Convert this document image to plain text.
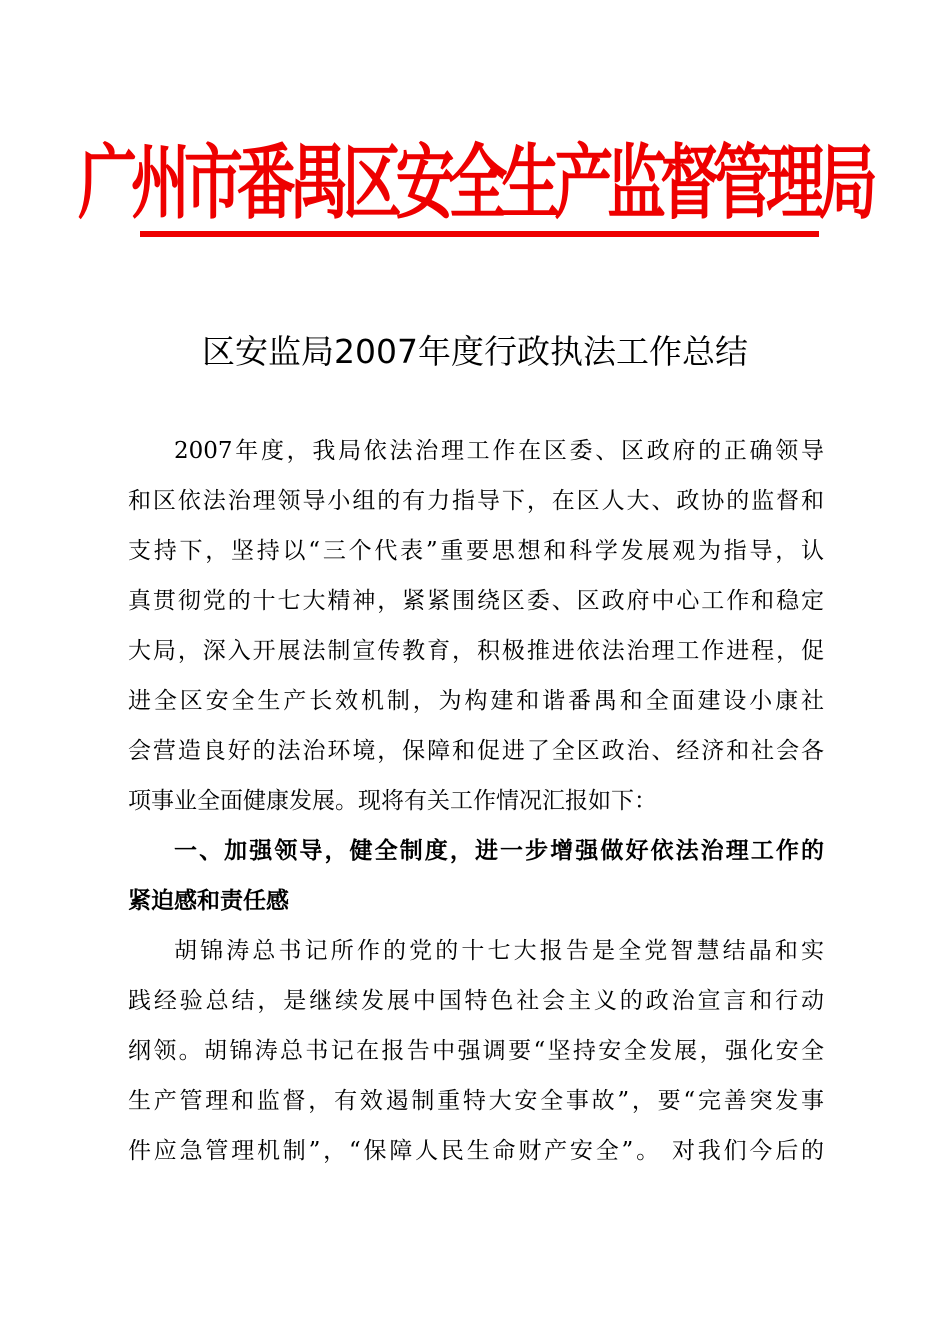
广州市番禺区安全生产监督管理局
区安监局2007年度行政执法工作总结
2007年度，我局依法治理工作在区委、区政府的正确领导
和区依法治理领导小组的有力指导下，在区人大、政协的监督和
支持下，坚持以“三个代表”重要思想和科学发展观为指导，认
真贯彻党的十七大精神，紧紧围绕区委、区政府中心工作和稳定
大局，深入开展法制宣传教育，积极推进依法治理工作进程，促
进全区安全生产长效机制，为构建和谐番禺和全面建设小康社
会营造良好的法治环境，保障和促进了全区政治、经济和社会各
项事业全面健康发展。现将有关工作情况汇报如下：
一、加强领导，健全制度，进一步增强做好依法治理工作的
紧迫感和责任感
胡锦涛总书记所作的党的十七大报告是全党智慧结晶和实
践经验总结，是继续发展中国特色社会主义的政治宣言和行动
纲领。胡锦涛总书记在报告中强调要“坚持安全发展，强化安全
生产管理和监督，有效遏制重特大安全事故”，要“完善突发事
件应急管理机制”，“保障人民生命财产安全”。 对我们今后的
